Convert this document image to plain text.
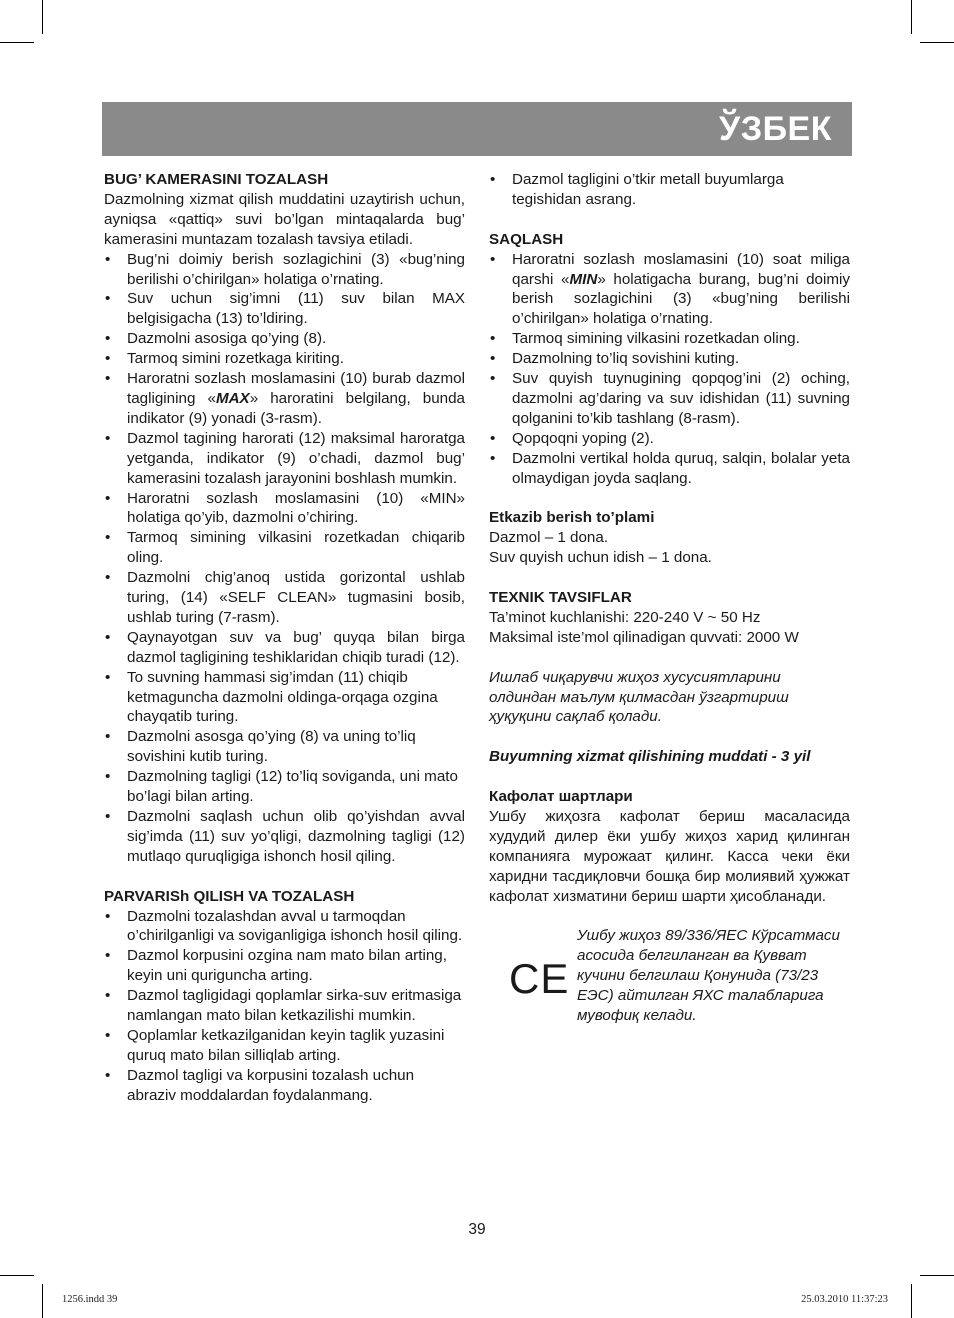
ЎЗБЕК
BUG’ KAMERASINI TOZALASH
Dazmolning xizmat qilish muddatini uzaytirish uchun, ayniqsa «qattiq» suvi bo’lgan mintaqalarda bug’ kamerasini muntazam tozalash tavsiya etiladi.
• Bug’ni doimiy berish sozlagichini (3) «bug’ning berilishi o’chirilgan» holatiga o’rnating.
• Suv uchun sig’imni (11) suv bilan MAX belgisigacha (13) to’ldiring.
• Dazmolni asosiga qo’ying (8).
• Tarmoq simini rozetkaga kiriting.
• Haroratni sozlash moslamasini (10) burab dazmol tagligining «MAX» haroratini belgilang, bunda indikator (9) yonadi (3-rasm).
• Dazmol tagining harorati (12) maksimal haroratga yetganda, indikator (9) o’chadi, dazmol bug’ kamerasini tozalash jarayonini boshlash mumkin.
• Haroratni sozlash moslamasini (10) «MIN» holatiga qo’yib, dazmolni o’chiring.
• Tarmoq simining vilkasini rozetkadan chiqarib oling.
• Dazmolni chig’anoq ustida gorizontal ushlab turing, (14) «SELF CLEAN» tugmasini bosib, ushlab turing (7-rasm).
• Qaynayotgan suv va bug’ quyqa bilan birga dazmol tagligining teshiklaridan chiqib turadi (12).
• To suvning hammasi sig’imdan (11) chiqib ketmaguncha dazmolni oldinga-orqaga ozgina chayqatib turing.
• Dazmolni asosga qo’ying (8) va uning to’liq sovishini kutib turing.
• Dazmolning tagligi (12) to’liq soviganda, uni mato bo’lagi bilan arting.
• Dazmolni saqlash uchun olib qo’yishdan avval sig’imda (11) suv yo’qligi, dazmolning tagligi (12) mutlaqo quruqligiga ishonch hosil qiling.
PARVARISh QILISH VA TOZALASH
• Dazmolni tozalashdan avval u tarmoqdan o’chirilganligi va soviganligiga ishonch hosil qiling.
• Dazmol korpusini ozgina nam mato bilan arting, keyin uni qurigunchа arting.
• Dazmol tagligidagi qoplamlar sirka-suv eritmasiga namlangan mato bilan ketkazilishi mumkin.
• Qoplamlar ketkazilganidan keyin taglik yuzasini quruq mato bilan silliqlab arting.
• Dazmol tagligi va korpusini tozalash uchun abraziv moddalardan foydalanmang.
• Dazmol tagligini o’tkir metall buyumlarga tegishidan asrang.
SAQLASH
• Haroratni sozlash moslamasini (10) soat miliga qarshi «MIN» holatigacha burang, bug’ni doimiy berish sozlagichini (3) «bug’ning berilishi o’chirilgan» holatiga o’rnating.
• Tarmoq simining vilkasini rozetkadan oling.
• Dazmolning to’liq sovishini kuting.
• Suv quyish tuynugining qopqog’ini (2) oching, dazmolni ag’daring va suv idishidan (11) suvning qolganini to’kib tashlang (8-rasm).
• Qopqoqni yoping (2).
• Dazmolni vertikal holda quruq, salqin, bolalar yeta olmaydigan joyda saqlang.
Etkazib berish to’plami
Dazmol – 1 dona.
Suv quyish uchun idish – 1 dona.
TEXNIK TAVSIFLAR
Ta’minot kuchlanishi: 220-240 V ~ 50 Hz
Maksimal iste’mol qilinadigan quvvati: 2000 W
Ишлаб чиқарувчи жиҳоз хусусиятларини олдиндан маълум қилмасдан ўзгартириш ҳуқуқини сақлаб қолади.
Buyumning xizmat qilishining muddati - 3 yil
Кафолат шартлари
Ушбу жиҳозга кафолат бериш масаласида худудий дилер ёки ушбу жиҳоз харид қилинган компанияга мурожаат қилинг. Касса чеки ёки харидни тасдиқловчи бошқа бир молиявий ҳужжат кафолат хизматини бериш шарти ҳисобланади.
CE
Ушбу жиҳоз 89/336/ЯЕС Кўрсатмаси асосида белгиланган ва Қувват кучини белгилаш Қонунида (73/23 ЕЭС) айтилган ЯХС талабларига мувофиқ келади.
39
1256.indd 39	25.03.2010 11:37:23
